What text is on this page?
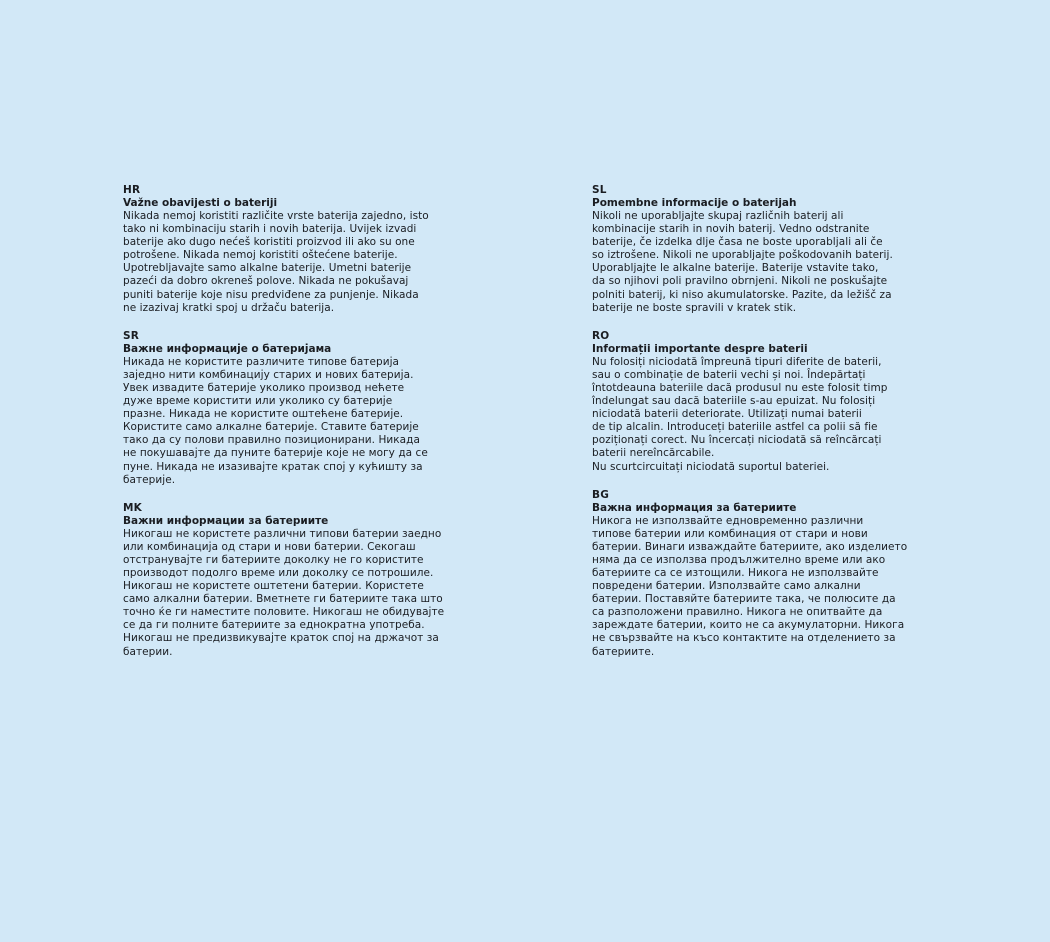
HR
Važne obavijesti o bateriji
Nikada nemoj koristiti različite vrste baterija zajedno, isto
tako ni kombinaciju starih i novih baterija. Uvijek izvadi
baterije ako dugo nećeš koristiti proizvod ili ako su one
potrošene. Nikada nemoj koristiti oštećene baterije.
Upotrebljavajte samo alkalne baterije. Umetni baterije
pazeći da dobro okreneš polove. Nikada ne pokušavaj
puniti baterije koje nisu predviđene za punjenje. Nikada
ne izazivaj kratki spoj u držaču baterija.
SR
Важне информације о батеријама
Никада не користите различите типове батерија
заједно нити комбинацију старих и нових батерија.
Увек извадите батерије уколико производ нећете
дуже време користити или уколико су батерије
празне. Никада не користите оштећене батерије.
Користите само алкалне батерије. Ставите батерије
тако да су полови правилно позиционирани. Никада
не покушавајте да пуните батерије које не могу да се
пуне. Никада не изазивајте кратак спој у кућишту за
батерије.
MK
Важни информации за батериите
Никогаш не користете различни типови батерии заедно
или комбинација од стари и нови батерии. Секогаш
отстранувајте ги батериите доколку не го користите
производот подолго време или доколку се потрошиле.
Никогаш не користете оштетени батерии. Користете
само алкални батерии. Вметнете ги батериите така што
точно ќе ги наместите половите. Никогаш не обидувајте
се да ги полните батериите за еднократна употреба.
Никогаш не предизвикувајте краток спој на држачот за
батерии.
SL
Pomembne informacije o baterijah
Nikoli ne uporabljajte skupaj različnih baterij ali
kombinacije starih in novih baterij. Vedno odstranite
baterije, če izdelka dlje časa ne boste uporabljali ali če
so iztrošene. Nikoli ne uporabljajte poškodovanih baterij.
Uporabljajte le alkalne baterije. Baterije vstavite tako,
da so njihovi poli pravilno obrnjeni. Nikoli ne poskušajte
polniti baterij, ki niso akumulatorske. Pazite, da ležišč za
baterije ne boste spravili v kratek stik.
RO
Informații importante despre baterii
Nu folosiți niciodată împreună tipuri diferite de baterii,
sau o combinație de baterii vechi și noi. Îndepărtați
întotdeauna bateriile dacă produsul nu este folosit timp
îndelungat sau dacă bateriile s-au epuizat. Nu folosiți
niciodată baterii deteriorate. Utilizați numai baterii
de tip alcalin. Introduceți bateriile astfel ca polii să fie
poziționați corect. Nu încercați niciodată să reîncărcați
baterii nereîncărcabile.
Nu scurtcircuitați niciodată suportul bateriei.
BG
Важна информация за батериите
Никога не използвайте едновременно различни
типове батерии или комбинация от стари и нови
батерии. Винаги изваждайте батериите, ако изделието
няма да се използва продължително време или ако
батериите са се изтощили. Никога не използвайте
повредени батерии. Използвайте само алкални
батерии. Поставяйте батериите така, че полюсите да
са разположени правилно. Никога не опитвайте да
зареждате батерии, които не са акумулаторни. Никога
не свързвайте на късо контактите на отделението за
батериите.
